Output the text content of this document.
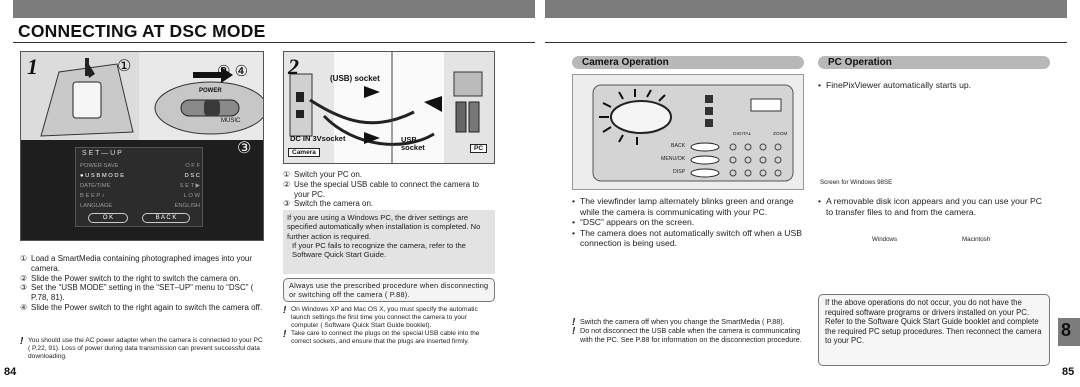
CONNECTING AT DSC MODE
1	①	② ④
POWER
MUSIC
③
S E T — U P
POWER SAVE	O F F
● U S B M O D E	D S C
DATE/TIME	S E T ▶
B E E P ♪	L O W
LANGUAGE	ENGLISH
O K	B A C K
① Load a SmartMedia containing photographed images into your camera.
② Slide the Power switch to the right to switch the camera on.
③ Set the “USB MODE” setting in the “SET–UP” menu to “DSC” ( P.78, 81).
④ Slide the Power switch to the right again to switch the camera off.
! You should use the AC power adapter when the camera is connected to your PC ( P.22, 91). Loss of power during data transmission can prevent successful data downloading.
84
2	(USB) socket
DC IN 3Vsocket
Camera
USB socket	PC
① Switch your PC on.
② Use the special USB cable to connect the camera to your PC.
③ Switch the camera on.
If you are using a Windows PC, the driver settings are specified automatically when installation is completed. No further action is required.
If your PC fails to recognize the camera, refer to the Software Quick Start Guide.
Always use the prescribed procedure when disconnecting or switching off the camera ( P.88).
! On Windows XP and Mac OS X, you must specify the automatic launch settings the first time you connect the camera to your computer ( Software Quick Start Guide booklet).
! Take care to connect the plugs on the special USB cable into the correct sockets, and ensure that the plugs are inserted firmly.
Camera Operation
DIGITAL	ZOOM
BACK
MENU/OK
DISP
• The viewfinder lamp alternately blinks green and orange while the camera is communicating with your PC.
• “DSC” appears on the screen.
• The camera does not automatically switch off when a USB connection is being used.
! Switch the camera off when you change the SmartMedia ( P.88).
! Do not disconnect the USB cable when the camera is communicating with the PC. See P.88 for information on the disconnection procedure.
PC Operation
• FinePixViewer automatically starts up.
Screen for Windows 98SE
• A removable disk icon appears and you can use your PC to transfer files to and from the camera.
Windows	Macintosh
If the above operations do not occur, you do not have the required software programs or drivers installed on your PC. Refer to the Software Quick Start Guide booklet and complete the required PC setup procedures. Then reconnect the camera to your PC.
8
85
